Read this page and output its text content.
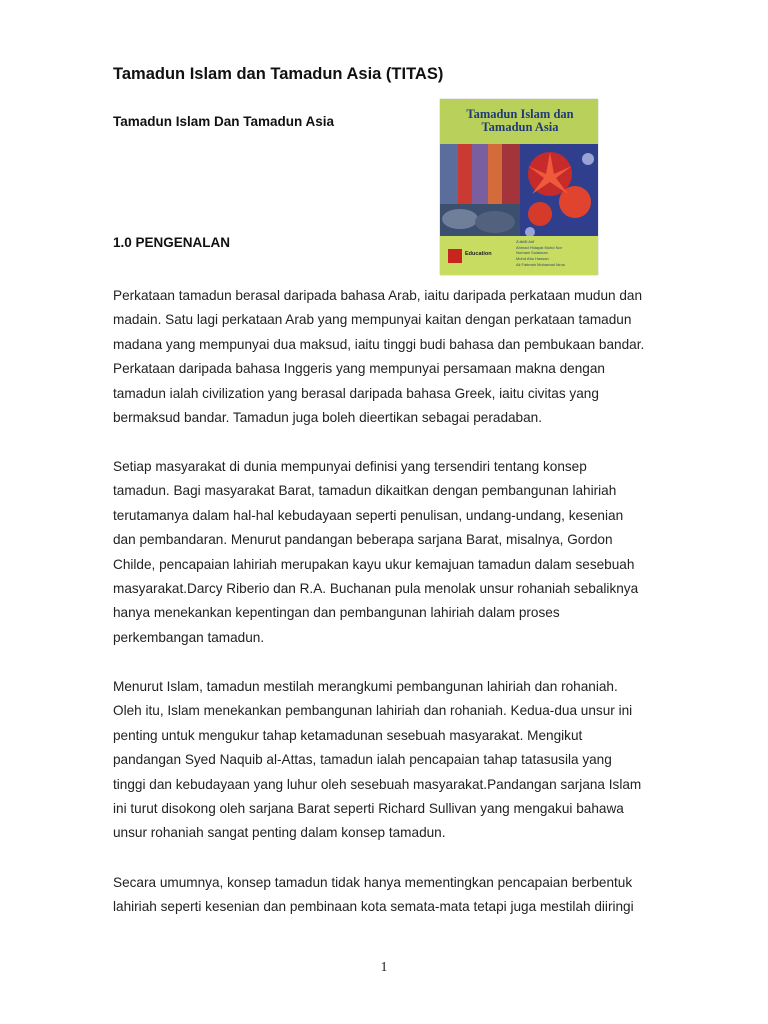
Tamadun Islam dan Tamadun Asia (TITAS)
Tamadun Islam Dan Tamadun Asia	Tamadun Islam dan
Tamadun Asia
Education
Zulkifli Arif
Ahmad Hidayat Mohd Nor
Norhani Sulaiman
Mohd Abu Hassan
Ali Fatimah Mohamad Idrus
1.0 PENGENALAN
Perkataan tamadun berasal daripada bahasa Arab, iaitu daripada perkataan mudun dan
madain. Satu lagi perkataan Arab yang mempunyai kaitan dengan perkataan tamadun
madana yang mempunyai dua maksud, iaitu tinggi budi bahasa dan pembukaan bandar.
Perkataan daripada bahasa Inggeris yang mempunyai persamaan makna dengan
tamadun ialah civilization yang berasal daripada bahasa Greek, iaitu civitas yang
bermaksud bandar. Tamadun juga boleh dieertikan sebagai peradaban.
Setiap masyarakat di dunia mempunyai definisi yang tersendiri tentang konsep
tamadun. Bagi masyarakat Barat, tamadun dikaitkan dengan pembangunan lahiriah
terutamanya dalam hal-hal kebudayaan seperti penulisan, undang-undang, kesenian
dan pembandaran. Menurut pandangan beberapa sarjana Barat, misalnya, Gordon
Childe, pencapaian lahiriah merupakan kayu ukur kemajuan tamadun dalam sesebuah
masyarakat.Darcy Riberio dan R.A. Buchanan pula menolak unsur rohaniah sebaliknya
hanya menekankan kepentingan dan pembangunan lahiriah dalam proses
perkembangan tamadun.
Menurut Islam, tamadun mestilah merangkumi pembangunan lahiriah dan rohaniah.
Oleh itu, Islam menekankan pembangunan lahiriah dan rohaniah. Kedua-dua unsur ini
penting untuk mengukur tahap ketamadunan sesebuah masyarakat. Mengikut
pandangan Syed Naquib al-Attas, tamadun ialah pencapaian tahap tatasusila yang
tinggi dan kebudayaan yang luhur oleh sesebuah masyarakat.Pandangan sarjana Islam
ini turut disokong oleh sarjana Barat seperti Richard Sullivan yang mengakui bahawa
unsur rohaniah sangat penting dalam konsep tamadun.
Secara umumnya, konsep tamadun tidak hanya mementingkan pencapaian berbentuk
lahiriah seperti kesenian dan pembinaan kota semata-mata tetapi juga mestilah diiringi
1
